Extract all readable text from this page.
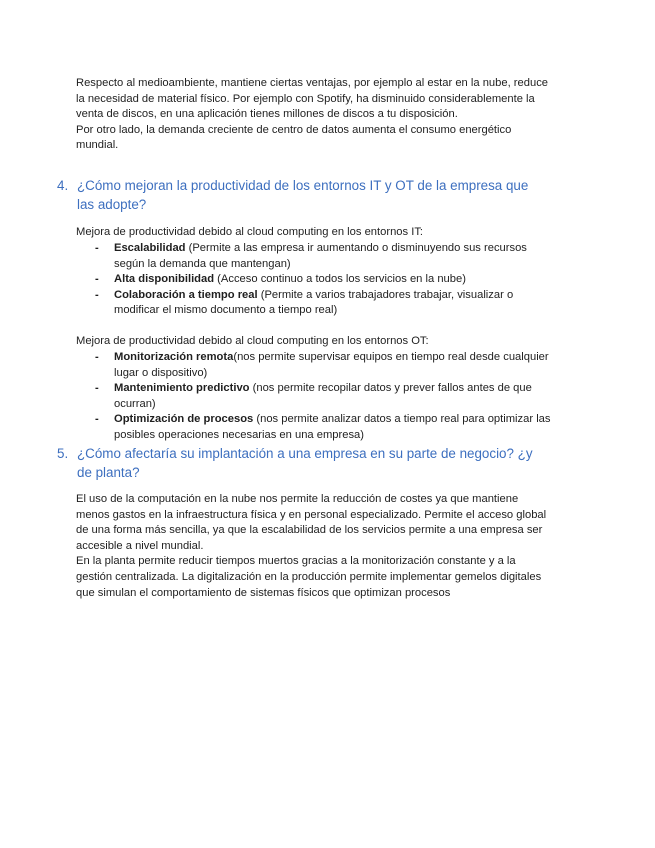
Respecto al medioambiente, mantiene ciertas ventajas, por ejemplo al estar en la nube, reduce
la necesidad de material físico. Por ejemplo con Spotify, ha disminuido considerablemente la
venta de discos, en una aplicación tienes millones de discos a tu disposición.
Por otro lado, la demanda creciente de centro de datos aumenta el consumo energético
mundial.
4. ¿Cómo mejoran la productividad de los entornos IT y OT de la empresa que
las adopte?
Mejora de productividad debido al cloud computing en los entornos IT:
- Escalabilidad (Permite a las empresa ir aumentando o disminuyendo sus recursos
según la demanda que mantengan)
- Alta disponibilidad (Acceso continuo a todos los servicios en la nube)
- Colaboración a tiempo real (Permite a varios trabajadores trabajar, visualizar o
modificar el mismo documento a tiempo real)
Mejora de productividad debido al cloud computing en los entornos OT:
- Monitorización remota(nos permite supervisar equipos en tiempo real desde cualquier
lugar o dispositivo)
- Mantenimiento predictivo (nos permite recopilar datos y prever fallos antes de que
ocurran)
- Optimización de procesos (nos permite analizar datos a tiempo real para optimizar las
posibles operaciones necesarias en una empresa)
5. ¿Cómo afectaría su implantación a una empresa en su parte de negocio? ¿y
de planta?
El uso de la computación en la nube nos permite la reducción de costes ya que mantiene
menos gastos en la infraestructura física y en personal especializado. Permite el acceso global
de una forma más sencilla, ya que la escalabilidad de los servicios permite a una empresa ser
accesible a nivel mundial.
En la planta permite reducir tiempos muertos gracias a la monitorización constante y a la
gestión centralizada. La digitalización en la producción permite implementar gemelos digitales
que simulan el comportamiento de sistemas físicos que optimizan procesos
